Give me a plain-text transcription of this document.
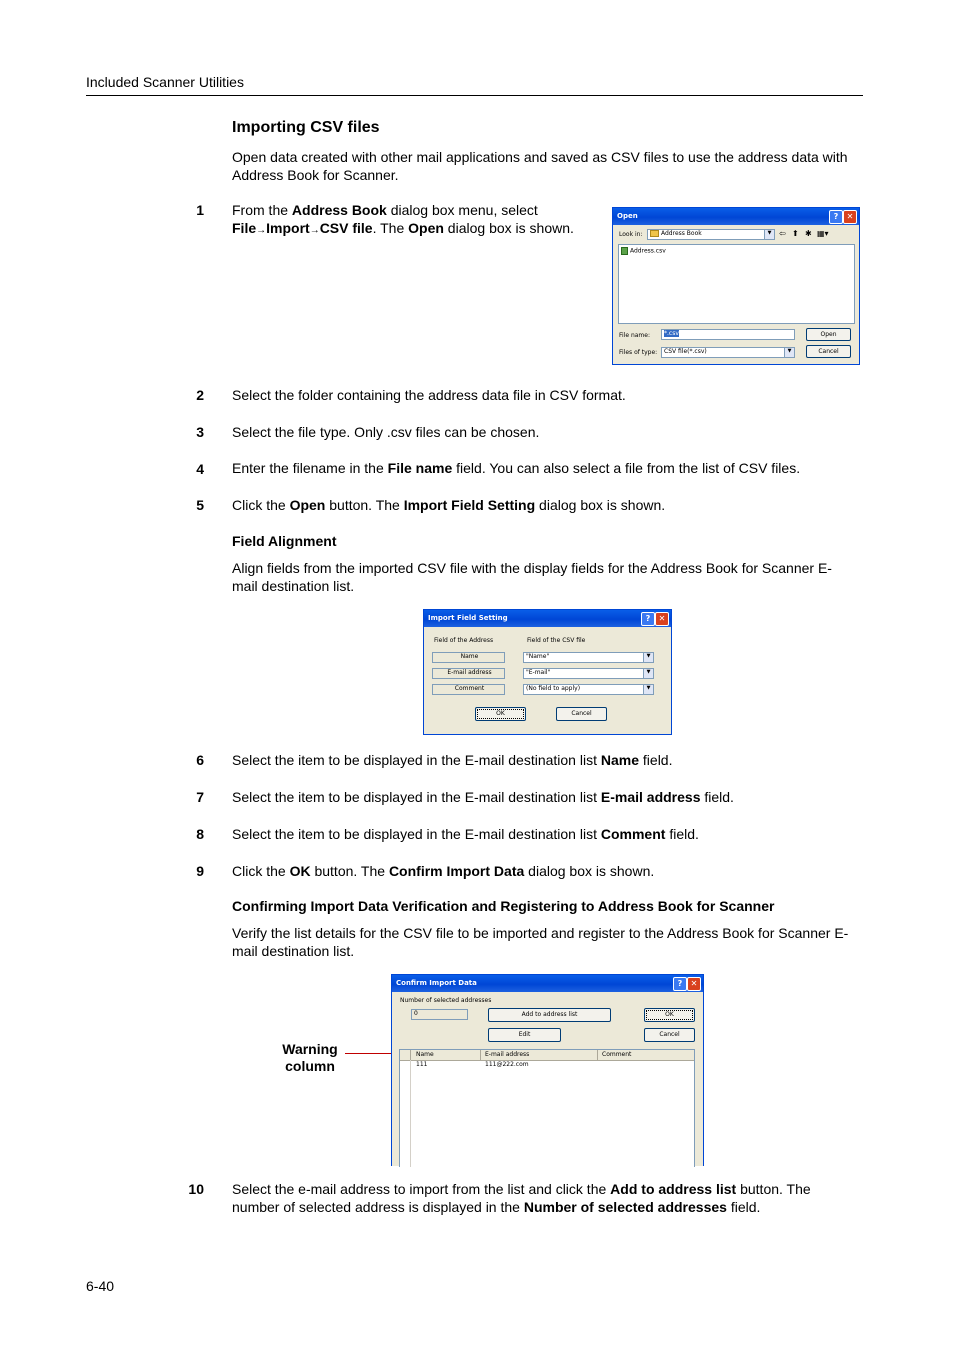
Included Scanner Utilities
Importing CSV files
Open data created with other mail applications and saved as CSV files to use the address data with Address Book for Scanner.
1 From the Address Book dialog box menu, select
File→Import→CSV file. The Open dialog box is shown.
Open	?	✕
Look in:	Address Book	▼ ⇦ ⬆ ✱ ▦▾
Address.csv
File name:	*.csv	Open
Files of type:	CSV file(*.csv)	▼	Cancel
2 Select the folder containing the address data file in CSV format.
3 Select the file type. Only .csv files can be chosen.
4 Enter the filename in the File name field. You can also select a file from the list of CSV files.
5 Click the Open button. The Import Field Setting dialog box is shown.
Field Alignment
Align fields from the imported CSV file with the display fields for the Address Book for Scanner E-mail destination list.
Import Field Setting	?	✕
Field of the Address	Field of the CSV file
Name	"Name"	▼
E-mail address	"E-mail"	▼
Comment	(No field to apply)	▼
OK	Cancel
6 Select the item to be displayed in the E-mail destination list Name field.
7 Select the item to be displayed in the E-mail destination list E-mail address field.
8 Select the item to be displayed in the E-mail destination list Comment field.
9 Click the OK button. The Confirm Import Data dialog box is shown.
Confirming Import Data Verification and Registering to Address Book for Scanner
Verify the list details for the CSV file to be imported and register to the Address Book for Scanner E-mail destination list.
Warning column
Confirm Import Data	?	✕
Number of selected addresses
0	Add to address list	OK
Edit	Cancel
Name	E-mail address	Comment
111	111@222.com
10 Select the e-mail address to import from the list and click the Add to address list button. The number of selected address is displayed in the Number of selected addresses field.
6-40
